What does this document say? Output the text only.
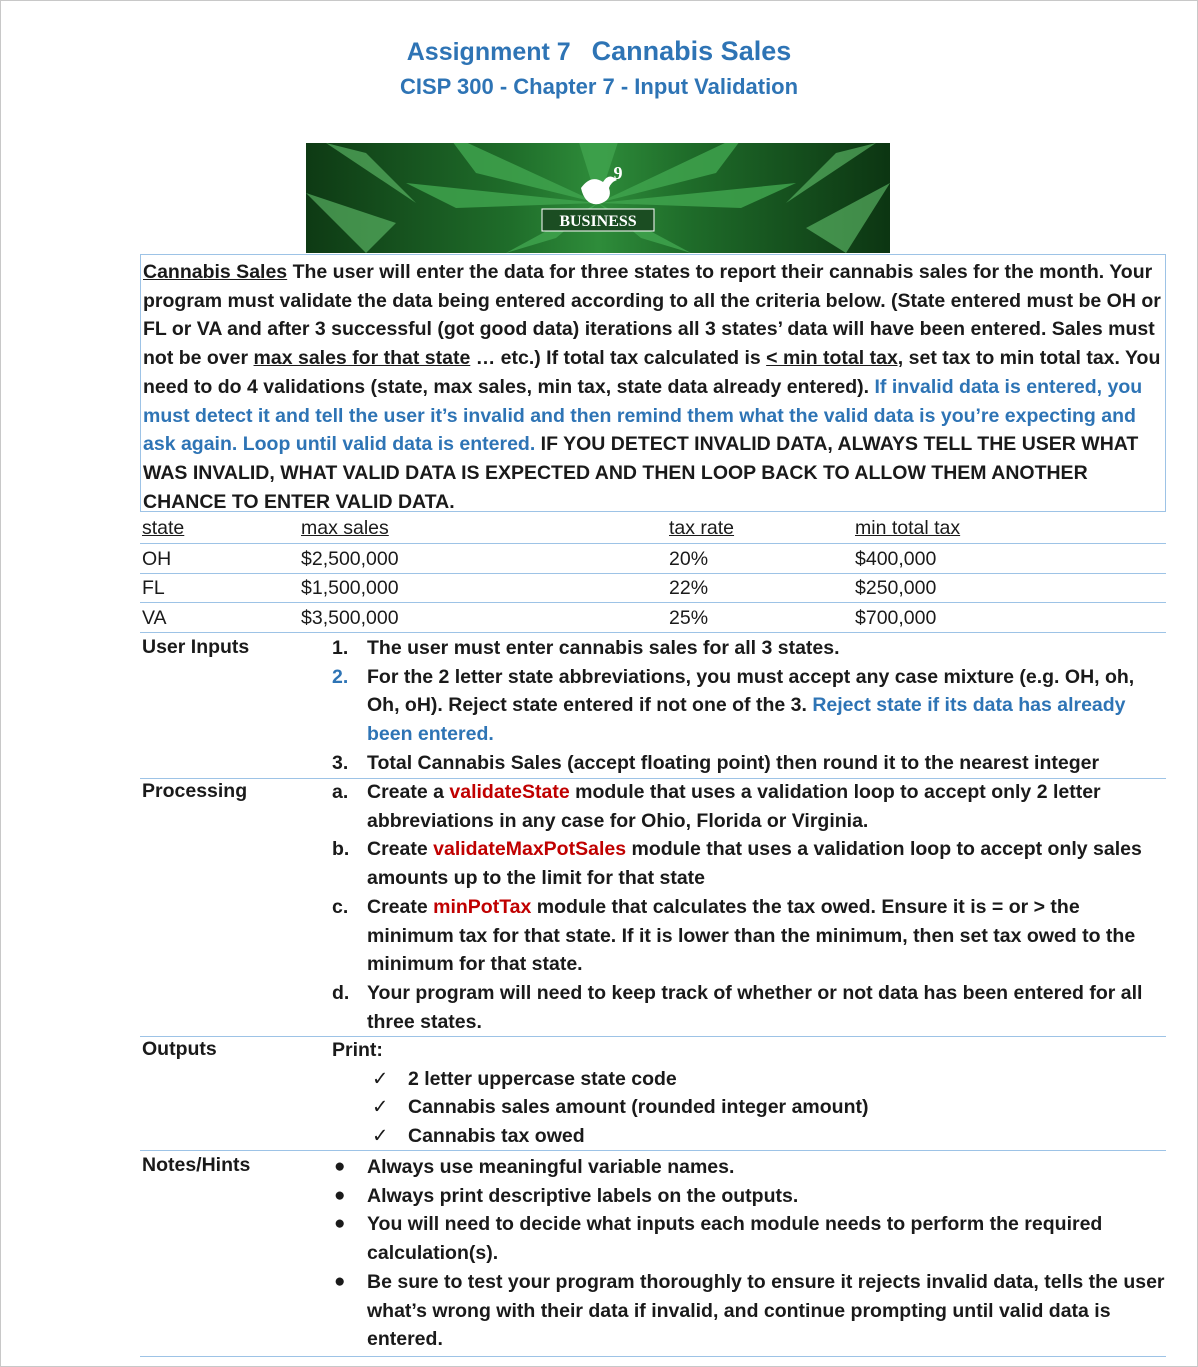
Assignment 7 Cannabis Sales
CISP 300 - Chapter 7 - Input Validation
9
BUSINESS
Cannabis Sales The user will enter the data for three states to report their cannabis sales for the month. Your program must validate the data being entered according to all the criteria below. (State entered must be OH or FL or VA and after 3 successful (got good data) iterations all 3 states’ data will have been entered. Sales must not be over max sales for that state … etc.) If total tax calculated is < min total tax, set tax to min total tax. You need to do 4 validations (state, max sales, min tax, state data already entered). If invalid data is entered, you must detect it and tell the user it’s invalid and then remind them what the valid data is you’re expecting and ask again. Loop until valid data is entered. IF YOU DETECT INVALID DATA, ALWAYS TELL THE USER WHAT WAS INVALID, WHAT VALID DATA IS EXPECTED AND THEN LOOP BACK TO ALLOW THEM ANOTHER CHANCE TO ENTER VALID DATA.
state	max sales	tax rate	min total tax
OH	$2,500,000	20%	$400,000
FL	$1,500,000	22%	$250,000
VA	$3,500,000	25%	$700,000
User Inputs	1. The user must enter cannabis sales for all 3 states.
2. For the 2 letter state abbreviations, you must accept any case mixture (e.g. OH, oh, Oh, oH). Reject state entered if not one of the 3. Reject state if its data has already been entered.
3. Total Cannabis Sales (accept floating point) then round it to the nearest integer
Processing	a. Create a validateState module that uses a validation loop to accept only 2 letter abbreviations in any case for Ohio, Florida or Virginia.
b. Create validateMaxPotSales module that uses a validation loop to accept only sales amounts up to the limit for that state
c. Create minPotTax module that calculates the tax owed. Ensure it is = or > the minimum tax for that state. If it is lower than the minimum, then set tax owed to the minimum for that state.
d. Your program will need to keep track of whether or not data has been entered for all three states.
Outputs	Print:
✓ 2 letter uppercase state code
✓ Cannabis sales amount (rounded integer amount)
✓ Cannabis tax owed
Notes/Hints	● Always use meaningful variable names.
● Always print descriptive labels on the outputs.
● You will need to decide what inputs each module needs to perform the required calculation(s).
● Be sure to test your program thoroughly to ensure it rejects invalid data, tells the user what’s wrong with their data if invalid, and continue prompting until valid data is entered.
